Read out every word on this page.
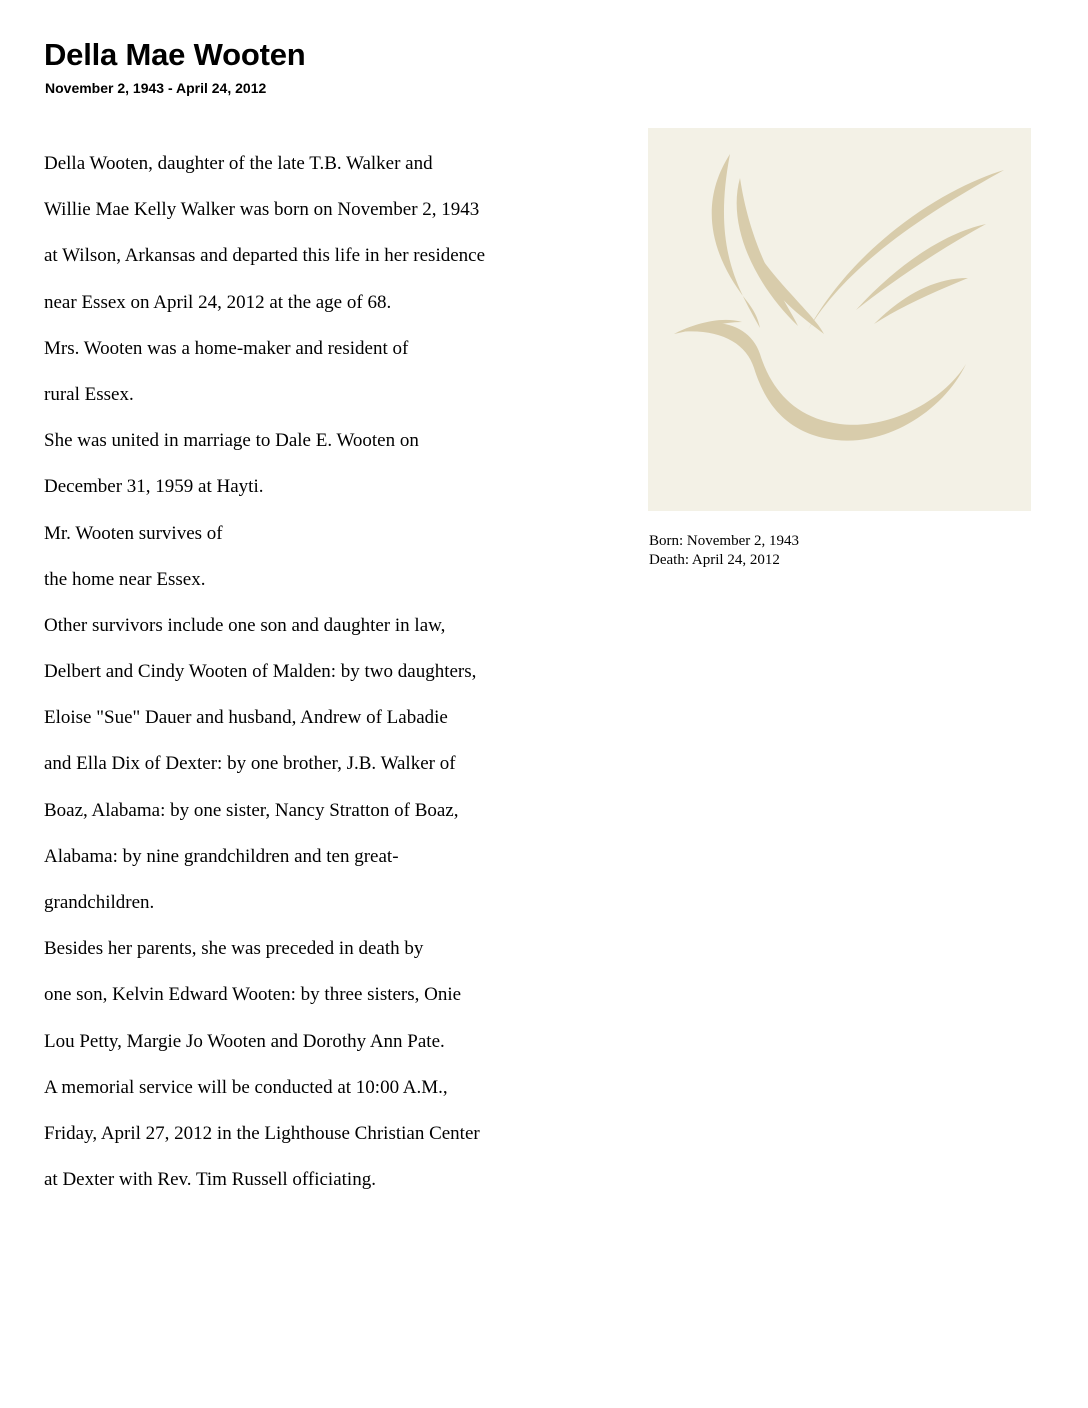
Della Mae Wooten
November 2, 1943 - April 24, 2012
Della Wooten, daughter of the late T.B. Walker and
Willie Mae Kelly Walker was born on November 2, 1943
at Wilson, Arkansas and departed this life in her residence
near Essex on April 24, 2012 at the age of 68.
Mrs. Wooten was a home-maker and resident of
rural Essex.
She was united in marriage to Dale E. Wooten on
December 31, 1959 at Hayti.
Mr. Wooten survives of
the home near Essex.
Other survivors include one son and daughter in law,
Delbert and Cindy Wooten of Malden: by two daughters,
Eloise "Sue" Dauer and husband, Andrew of Labadie
and Ella Dix of Dexter: by one brother, J.B. Walker of
Boaz, Alabama: by one sister, Nancy Stratton of Boaz,
Alabama: by nine grandchildren and ten great-
grandchildren.
Besides her parents, she was preceded in death by
one son, Kelvin Edward Wooten: by three sisters, Onie
Lou Petty, Margie Jo Wooten and Dorothy Ann Pate.
A memorial service will be conducted at 10:00 A.M.,
Friday, April 27, 2012 in the Lighthouse Christian Center
at Dexter with Rev. Tim Russell officiating.
Born: November 2, 1943
Death: April 24, 2012
